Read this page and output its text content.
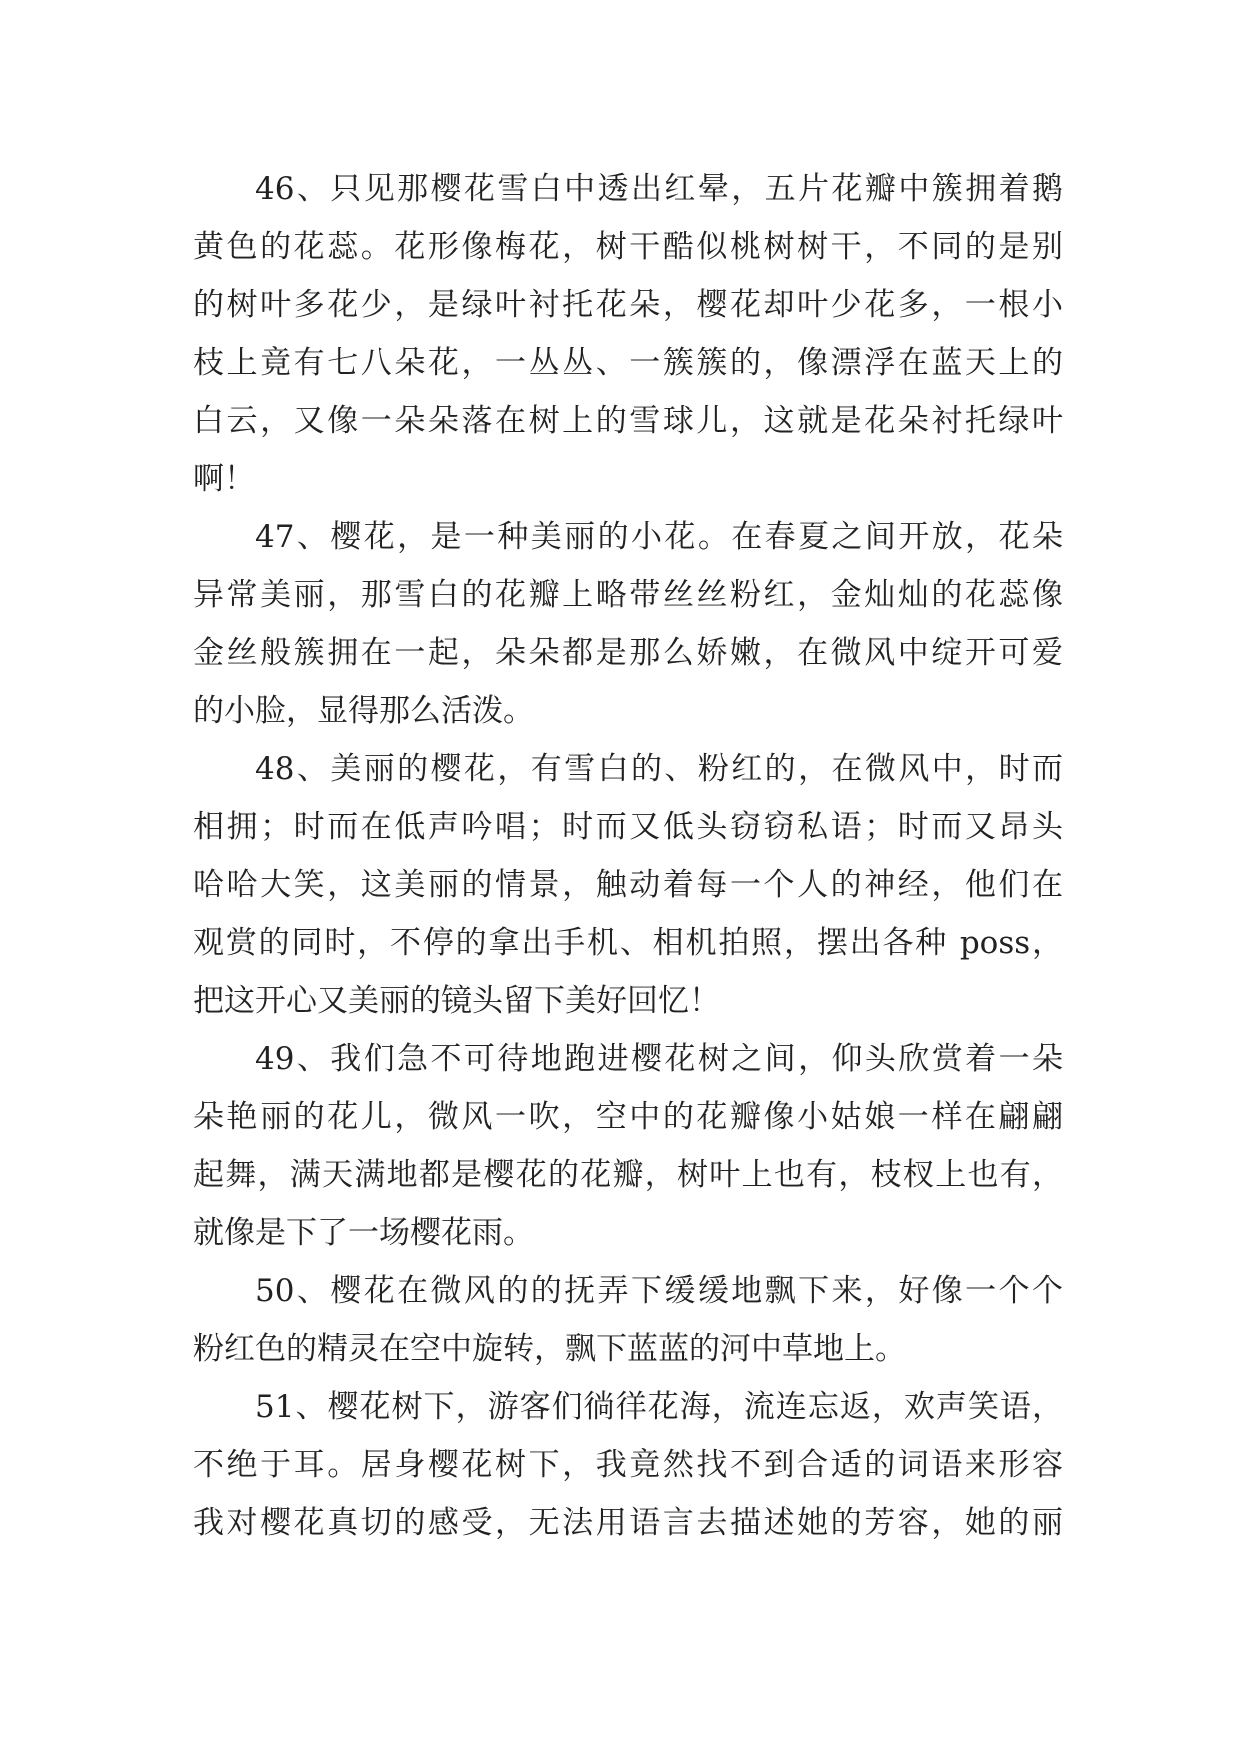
46、只见那樱花雪白中透出红晕，五片花瓣中簇拥着鹅
黄色的花蕊。花形像梅花，树干酷似桃树树干，不同的是别
的树叶多花少，是绿叶衬托花朵，樱花却叶少花多，一根小
枝上竟有七八朵花，一丛丛、一簇簇的，像漂浮在蓝天上的
白云，又像一朵朵落在树上的雪球儿，这就是花朵衬托绿叶
啊！
47、樱花，是一种美丽的小花。在春夏之间开放，花朵
异常美丽，那雪白的花瓣上略带丝丝粉红，金灿灿的花蕊像
金丝般簇拥在一起，朵朵都是那么娇嫩，在微风中绽开可爱
的小脸，显得那么活泼。
48、美丽的樱花，有雪白的、粉红的，在微风中，时而
相拥；时而在低声吟唱；时而又低头窃窃私语；时而又昂头
哈哈大笑，这美丽的情景，触动着每一个人的神经，他们在
观赏的同时，不停的拿出手机、相机拍照，摆出各种 poss，
把这开心又美丽的镜头留下美好回忆！
49、我们急不可待地跑进樱花树之间，仰头欣赏着一朵
朵艳丽的花儿，微风一吹，空中的花瓣像小姑娘一样在翩翩
起舞，满天满地都是樱花的花瓣，树叶上也有，枝杈上也有，
就像是下了一场樱花雨。
50、樱花在微风的的抚弄下缓缓地飘下来，好像一个个
粉红色的精灵在空中旋转，飘下蓝蓝的河中草地上。
51、樱花树下，游客们徜徉花海，流连忘返，欢声笑语，
不绝于耳。居身樱花树下，我竟然找不到合适的词语来形容
我对樱花真切的感受，无法用语言去描述她的芳容，她的丽
